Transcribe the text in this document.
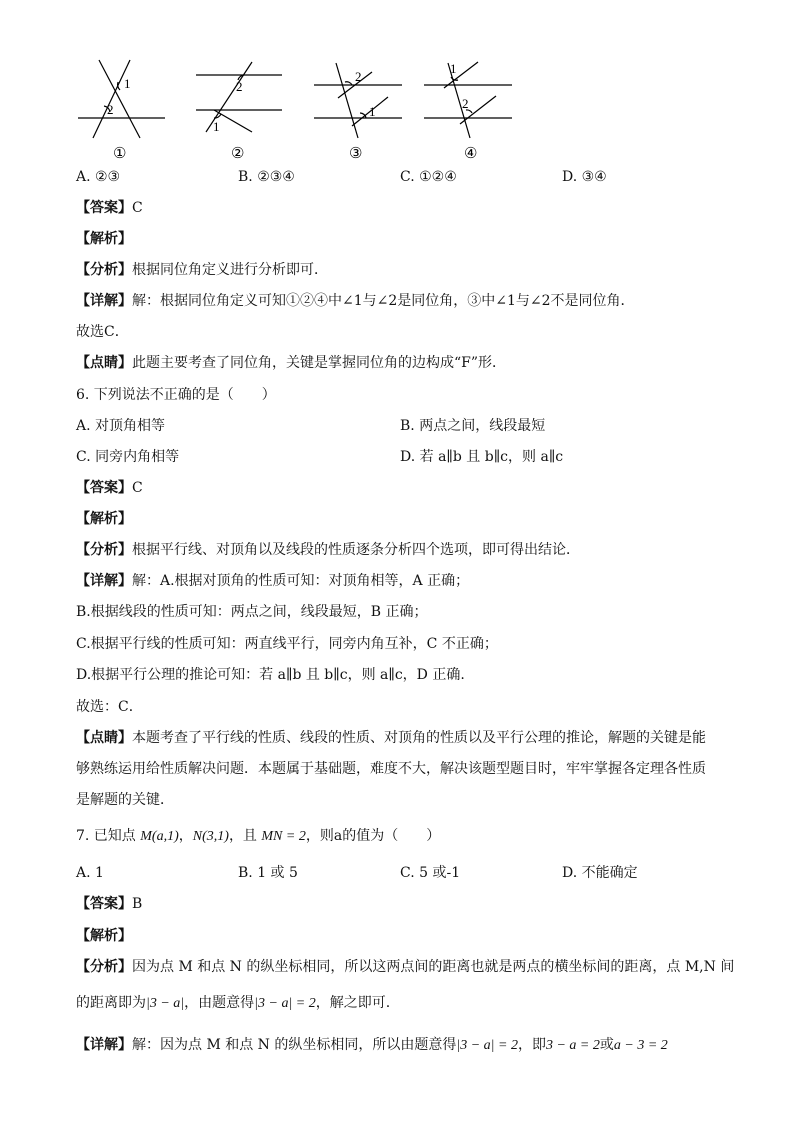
1
2
2
1
2
1
1
2
①	②	③	④
A. ②③	B. ②③④	C. ①②④	D. ③④
【答案】C
【解析】
【分析】根据同位角定义进行分析即可．
【详解】解：根据同位角定义可知①②④中∠1与∠2是同位角，③中∠1与∠2不是同位角．
故选C．
【点睛】此题主要考查了同位角，关键是掌握同位角的边构成“F”形．
6. 下列说法不正确的是（　　）
A. 对顶角相等	B. 两点之间，线段最短
C. 同旁内角相等	D. 若 a∥b 且 b∥c，则 a∥c
【答案】C
【解析】
【分析】根据平行线、对顶角以及线段的性质逐条分析四个选项，即可得出结论．
【详解】解：A.根据对顶角的性质可知：对顶角相等，A 正确；
B.根据线段的性质可知：两点之间，线段最短，B 正确；
C.根据平行线的性质可知：两直线平行，同旁内角互补，C 不正确；
D.根据平行公理的推论可知：若 a∥b 且 b∥c，则 a∥c，D 正确.
故选：C．
【点睛】本题考查了平行线的性质、线段的性质、对顶角的性质以及平行公理的推论，解题的关键是能
够熟练运用给性质解决问题．本题属于基础题，难度不大，解决该题型题目时，牢牢掌握各定理各性质
是解题的关键．
7. 已知点 M(a,1)，N(3,1)，且 MN = 2，则a的值为（　　）
A. 1	B. 1 或 5	C. 5 或-1	D. 不能确定
【答案】B
【解析】
【分析】因为点 M 和点 N 的纵坐标相同，所以这两点间的距离也就是两点的横坐标间的距离，点 M,N 间
的距离即为|3 − a|，由题意得|3 − a| = 2，解之即可.
【详解】解：因为点 M 和点 N 的纵坐标相同，所以由题意得|3 − a| = 2，即3 − a = 2或a − 3 = 2
